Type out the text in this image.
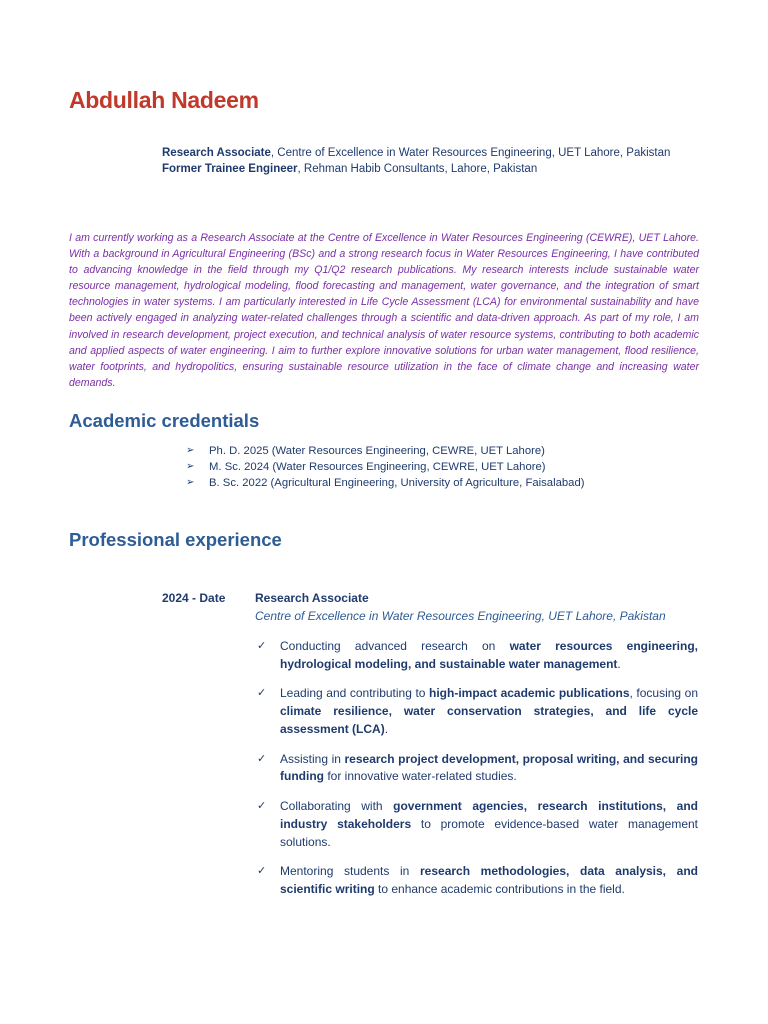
Abdullah Nadeem
Research Associate, Centre of Excellence in Water Resources Engineering, UET Lahore, Pakistan
Former Trainee Engineer, Rehman Habib Consultants, Lahore, Pakistan

I am currently working as a Research Associate at the Centre of Excellence in Water Resources Engineering (CEWRE), UET Lahore. With a background in Agricultural Engineering (BSc) and a strong research focus in Water Resources Engineering, I have contributed to advancing knowledge in the field through my Q1/Q2 research publications. My research interests include sustainable water resource management, hydrological modeling, flood forecasting and management, water governance, and the integration of smart technologies in water systems. I am particularly interested in Life Cycle Assessment (LCA) for environmental sustainability and have been actively engaged in analyzing water-related challenges through a scientific and data-driven approach. As part of my role, I am involved in research development, project execution, and technical analysis of water resource systems, contributing to both academic and applied aspects of water engineering. I aim to further explore innovative solutions for urban water management, flood resilience, water footprints, and hydropolitics, ensuring sustainable resource utilization in the face of climate change and increasing water demands.

Academic credentials
➢ Ph. D. 2025 (Water Resources Engineering, CEWRE, UET Lahore)
➢ M. Sc. 2024 (Water Resources Engineering, CEWRE, UET Lahore)
➢ B. Sc. 2022 (Agricultural Engineering, University of Agriculture, Faisalabad)
Professional experience
2024 - Date Research Associate
Centre of Excellence in Water Resources Engineering, UET Lahore, Pakistan
✓ Conducting advanced research on water resources engineering, hydrological modeling, and sustainable water management.
✓ Leading and contributing to high-impact academic publications, focusing on climate resilience, water conservation strategies, and life cycle assessment (LCA).
✓ Assisting in research project development, proposal writing, and securing funding for innovative water-related studies.
✓ Collaborating with government agencies, research institutions, and industry stakeholders to promote evidence-based water management solutions.
✓ Mentoring students in research methodologies, data analysis, and scientific writing to enhance academic contributions in the field.
